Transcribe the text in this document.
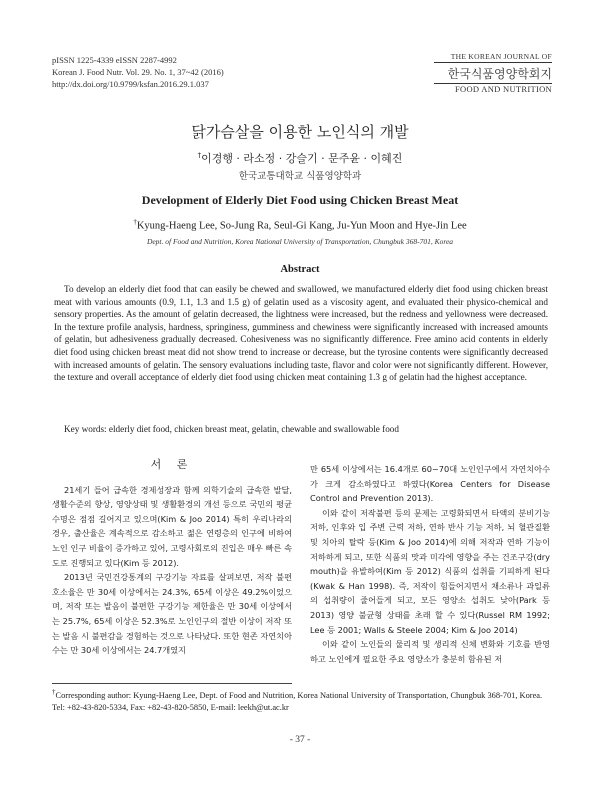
pISSN 1225-4339 eISSN 2287-4992
Korean J. Food Nutr. Vol. 29. No. 1, 37~42 (2016)
http://dx.doi.org/10.9799/ksfan.2016.29.1.037
THE KOREAN JOURNAL OF
한국식품영양학회지
FOOD AND NUTRITION
닭가슴살을 이용한 노인식의 개발
†이경행 · 라소정 · 강슬기 · 문주윤 · 이혜진
한국교통대학교 식품영양학과
Development of Elderly Diet Food using Chicken Breast Meat
†Kyung-Haeng Lee, So-Jung Ra, Seul-Gi Kang, Ju-Yun Moon and Hye-Jin Lee
Dept. of Food and Nutrition, Korea National University of Transportation, Chungbuk 368-701, Korea
Abstract

To develop an elderly diet food that can easily be chewed and swallowed, we manufactured elderly diet food using chicken breast meat with various amounts (0.9, 1.1, 1.3 and 1.5 g) of gelatin used as a viscosity agent, and evaluated their physico-chemical and sensory properties. As the amount of gelatin decreased, the lightness were increased, but the redness and yellowness were decreased. In the texture profile analysis, hardness, springiness, gumminess and chewiness were significantly increased with increased amounts of gelatin, but adhesiveness gradually decreased. Cohesiveness was no significantly difference. Free amino acid contents in elderly diet food using chicken breast meat did not show trend to increase or decrease, but the tyrosine contents were significantly decreased with increased amounts of gelatin. The sensory evaluations including taste, flavor and color were not significantly different. However, the texture and overall acceptance of elderly diet food using chicken meat containing 1.3 g of gelatin had the highest acceptance.

Key words: elderly diet food, chicken breast meat, gelatin, chewable and swallowable food

서 론

21세기 들어 급속한 경제성장과 함께 의학기술의 급속한 발달, 생활수준의 향상, 영양상태 및 생활환경의 개선 등으로 국민의 평균 수명은 점점 길어지고 있으며(Kim & Joo 2014) 특히 우리나라의 경우, 출산율은 계속적으로 감소하고 젊은 연령층의 인구에 비하여 노인 인구 비율이 증가하고 있어, 고령사회로의 진입은 매우 빠른 속도로 진행되고 있다(Kim 등 2012).

2013년 국민건강통계의 구강기능 자료를 살펴보면, 저작 불편 호소율은 만 30세 이상에서는 24.3%, 65세 이상은 49.2%이었으며, 저작 또는 발음이 불편한 구강기능 제한율은 만 30세 이상에서는 25.7%, 65세 이상은 52.3%로 노인인구의 절반 이상이 저작 또는 발음 시 불편감을 경험하는 것으로 나타났다. 또한 현존 자연치아수는 만 30세 이상에서는 24.7개였지

만 65세 이상에서는 16.4개로 60~70대 노인인구에서 자연치아수가 크게 감소하였다고 하였다(Korea Centers for Disease Control and Prevention 2013).

이와 같이 저작불편 등의 문제는 고령화되면서 타액의 분비기능 저하, 인후와 입 주변 근력 저하, 연하 반사 기능 저하, 뇌 혈관질환 및 치아의 탈락 등(Kim & Joo 2014)에 의해 저작과 연하 기능이 저하하게 되고, 또한 식품의 맛과 미각에 영향을 주는 건조구강(dry mouth)을 유발하여(Kim 등 2012) 식품의 섭취를 기피하게 된다(Kwak & Han 1998). 즉, 저작이 힘들어지면서 채소류나 과일류의 섭취량이 줄어들게 되고, 모든 영양소 섭취도 낮아(Park 등 2013) 영양 불균형 상태를 초래 할 수 있다(Russel RM 1992; Lee 등 2001; Walls & Steele 2004; Kim & Joo 2014)

이와 같이 노인들의 물리적 및 생리적 신체 변화와 기호를 반영하고 노인에게 필요한 주요 영양소가 충분히 함유된 저

†Corresponding author: Kyung-Haeng Lee, Dept. of Food and Nutrition, Korea National University of Transportation, Chungbuk 368-701, Korea. Tel: +82-43-820-5334, Fax: +82-43-820-5850, E-mail: leekh@ut.ac.kr
- 37 -
